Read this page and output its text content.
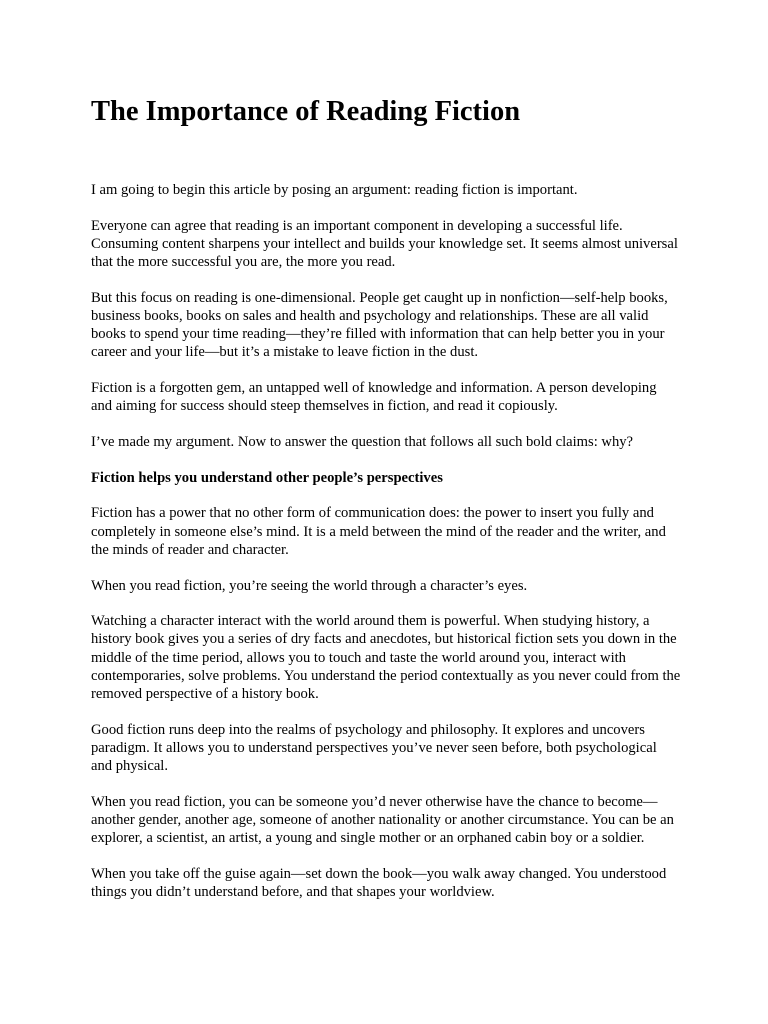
The Importance of Reading Fiction

I am going to begin this article by posing an argument: reading fiction is important.

Everyone can agree that reading is an important component in developing a successful life. Consuming content sharpens your intellect and builds your knowledge set. It seems almost universal that the more successful you are, the more you read.

But this focus on reading is one-dimensional. People get caught up in nonfiction—self-help books, business books, books on sales and health and psychology and relationships. These are all valid books to spend your time reading—they’re filled with information that can help better you in your career and your life—but it’s a mistake to leave fiction in the dust.

Fiction is a forgotten gem, an untapped well of knowledge and information. A person developing and aiming for success should steep themselves in fiction, and read it copiously.

I’ve made my argument. Now to answer the question that follows all such bold claims: why?

Fiction helps you understand other people’s perspectives

Fiction has a power that no other form of communication does: the power to insert you fully and completely in someone else’s mind. It is a meld between the mind of the reader and the writer, and the minds of reader and character.

When you read fiction, you’re seeing the world through a character’s eyes.

Watching a character interact with the world around them is powerful. When studying history, a history book gives you a series of dry facts and anecdotes, but historical fiction sets you down in the middle of the time period, allows you to touch and taste the world around you, interact with contemporaries, solve problems. You understand the period contextually as you never could from the removed perspective of a history book.

Good fiction runs deep into the realms of psychology and philosophy. It explores and uncovers paradigm. It allows you to understand perspectives you’ve never seen before, both psychological and physical.

When you read fiction, you can be someone you’d never otherwise have the chance to become—another gender, another age, someone of another nationality or another circumstance. You can be an explorer, a scientist, an artist, a young and single mother or an orphaned cabin boy or a soldier.

When you take off the guise again—set down the book—you walk away changed. You understood things you didn’t understand before, and that shapes your worldview.
